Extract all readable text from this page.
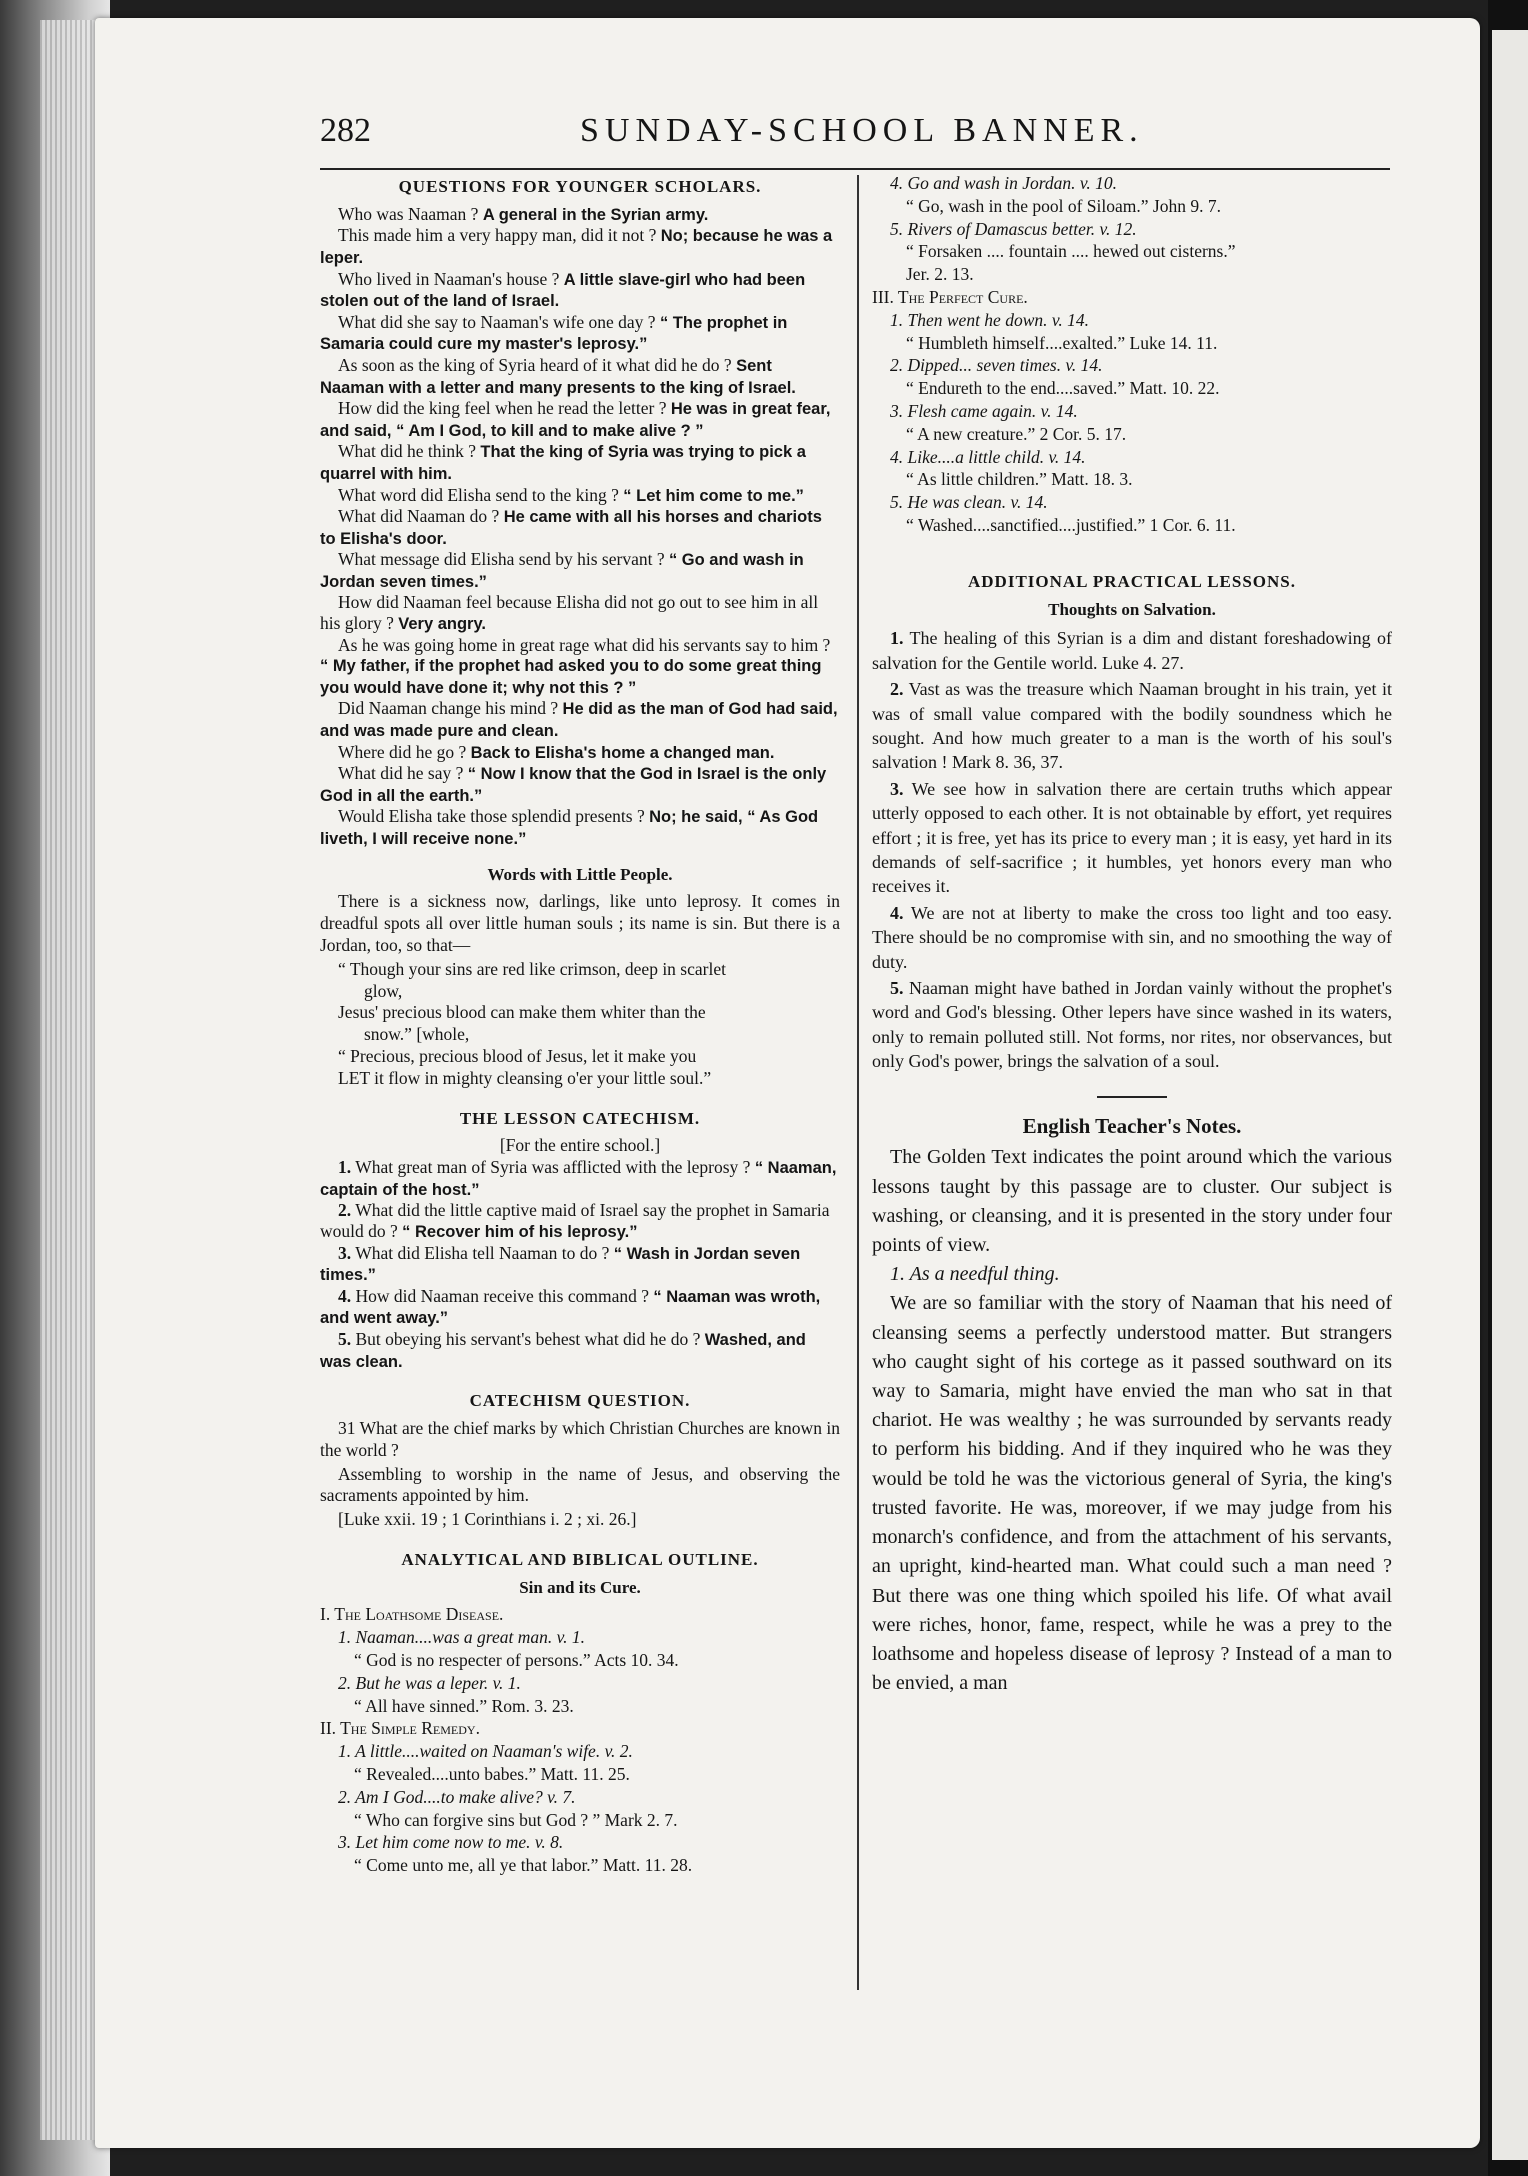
282	SUNDAY-SCHOOL BANNER.
QUESTIONS FOR YOUNGER SCHOLARS.

Who was Naaman ? A general in the Syrian army.

This made him a very happy man, did it not ? No; because he was a leper.

Who lived in Naaman's house ? A little slave-girl who had been stolen out of the land of Israel.

What did she say to Naaman's wife one day ? “ The prophet in Samaria could cure my master's leprosy.”

As soon as the king of Syria heard of it what did he do ? Sent Naaman with a letter and many presents to the king of Israel.

How did the king feel when he read the letter ? He was in great fear, and said, “ Am I God, to kill and to make alive ? ”

What did he think ? That the king of Syria was trying to pick a quarrel with him.

What word did Elisha send to the king ? “ Let him come to me.”

What did Naaman do ? He came with all his horses and chariots to Elisha's door.

What message did Elisha send by his servant ? “ Go and wash in Jordan seven times.”

How did Naaman feel because Elisha did not go out to see him in all his glory ? Very angry.

As he was going home in great rage what did his servants say to him ? “ My father, if the prophet had asked you to do some great thing you would have done it; why not this ? ”

Did Naaman change his mind ? He did as the man of God had said, and was made pure and clean.

Where did he go ? Back to Elisha's home a changed man.

What did he say ? “ Now I know that the God in Israel is the only God in all the earth.”

Would Elisha take those splendid presents ? No; he said, “ As God liveth, I will receive none.”

Words with Little People.

There is a sickness now, darlings, like unto leprosy. It comes in dreadful spots all over little human souls ; its name is sin. But there is a Jordan, too, so that—

“ Though your sins are red like crimson, deep in scarlet

glow,

Jesus' precious blood can make them whiter than the

snow.” [whole,

“ Precious, precious blood of Jesus, let it make you

LET it flow in mighty cleansing o'er your little soul.”

THE LESSON CATECHISM.

[For the entire school.]

1. What great man of Syria was afflicted with the leprosy ? “ Naaman, captain of the host.”

2. What did the little captive maid of Israel say the prophet in Samaria would do ? “ Recover him of his leprosy.”

3. What did Elisha tell Naaman to do ? “ Wash in Jordan seven times.”

4. How did Naaman receive this command ? “ Naaman was wroth, and went away.”

5. But obeying his servant's behest what did he do ? Washed, and was clean.

CATECHISM QUESTION.

31 What are the chief marks by which Christian Churches are known in the world ?

Assembling to worship in the name of Jesus, and observing the sacraments appointed by him.

[Luke xxii. 19 ; 1 Corinthians i. 2 ; xi. 26.]

ANALYTICAL AND BIBLICAL OUTLINE.
Sin and its Cure.

I. The Loathsome Disease.

1. Naaman....was a great man. v. 1.

“ God is no respecter of persons.” Acts 10. 34.

2. But he was a leper. v. 1.

“ All have sinned.” Rom. 3. 23.

II. The Simple Remedy.

1. A little....waited on Naaman's wife. v. 2.

“ Revealed....unto babes.” Matt. 11. 25.

2. Am I God....to make alive? v. 7.

“ Who can forgive sins but God ? ” Mark 2. 7.

3. Let him come now to me. v. 8.

“ Come unto me, all ye that labor.” Matt. 11. 28.

4. Go and wash in Jordan. v. 10.

“ Go, wash in the pool of Siloam.” John 9. 7.

5. Rivers of Damascus better. v. 12.

“ Forsaken .... fountain .... hewed out cisterns.”

Jer. 2. 13.

III. The Perfect Cure.

1. Then went he down. v. 14.

“ Humbleth himself....exalted.” Luke 14. 11.

2. Dipped... seven times. v. 14.

“ Endureth to the end....saved.” Matt. 10. 22.

3. Flesh came again. v. 14.

“ A new creature.” 2 Cor. 5. 17.

4. Like....a little child. v. 14.

“ As little children.” Matt. 18. 3.

5. He was clean. v. 14.

“ Washed....sanctified....justified.” 1 Cor. 6. 11.

ADDITIONAL PRACTICAL LESSONS.
Thoughts on Salvation.

1. The healing of this Syrian is a dim and distant foreshadowing of salvation for the Gentile world. Luke 4. 27.

2. Vast as was the treasure which Naaman brought in his train, yet it was of small value compared with the bodily soundness which he sought. And how much greater to a man is the worth of his soul's salvation ! Mark 8. 36, 37.

3. We see how in salvation there are certain truths which appear utterly opposed to each other. It is not obtainable by effort, yet requires effort ; it is free, yet has its price to every man ; it is easy, yet hard in its demands of self-sacrifice ; it humbles, yet honors every man who receives it.

4. We are not at liberty to make the cross too light and too easy. There should be no compromise with sin, and no smoothing the way of duty.

5. Naaman might have bathed in Jordan vainly without the prophet's word and God's blessing. Other lepers have since washed in its waters, only to remain polluted still. Not forms, nor rites, nor observances, but only God's power, brings the salvation of a soul.

English Teacher's Notes.

The Golden Text indicates the point around which the various lessons taught by this passage are to cluster. Our subject is washing, or cleansing, and it is presented in the story under four points of view.

1. As a needful thing.

We are so familiar with the story of Naaman that his need of cleansing seems a perfectly understood matter. But strangers who caught sight of his cortege as it passed southward on its way to Samaria, might have envied the man who sat in that chariot. He was wealthy ; he was surrounded by servants ready to perform his bidding. And if they inquired who he was they would be told he was the victorious general of Syria, the king's trusted favorite. He was, moreover, if we may judge from his monarch's confidence, and from the attachment of his servants, an upright, kind-hearted man. What could such a man need ? But there was one thing which spoiled his life. Of what avail were riches, honor, fame, respect, while he was a prey to the loathsome and hopeless disease of leprosy ? Instead of a man to be envied, a man
